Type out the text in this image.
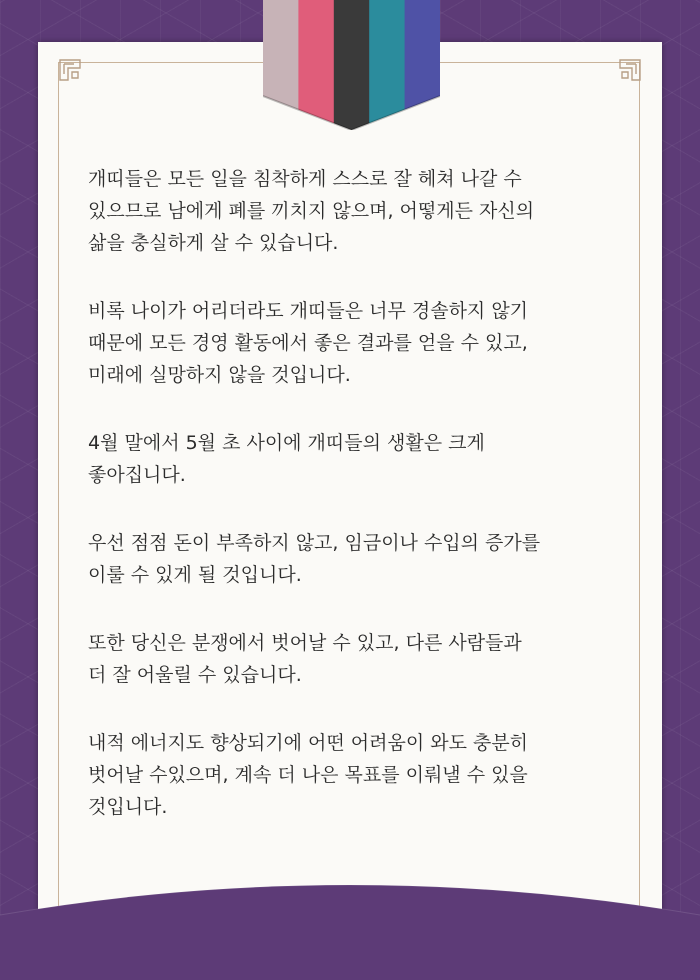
개띠들은 모든 일을 침착하게 스스로 잘 헤쳐 나갈 수
있으므로 남에게 폐를 끼치지 않으며, 어떻게든 자신의
삶을 충실하게 살 수 있습니다.

비록 나이가 어리더라도 개띠들은 너무 경솔하지 않기
때문에 모든 경영 활동에서 좋은 결과를 얻을 수 있고,
미래에 실망하지 않을 것입니다.

4월 말에서 5월 초 사이에 개띠들의 생활은 크게
좋아집니다.

우선 점점 돈이 부족하지 않고, 임금이나 수입의 증가를
이룰 수 있게 될 것입니다.

또한 당신은 분쟁에서 벗어날 수 있고, 다른 사람들과
더 잘 어울릴 수 있습니다.

내적 에너지도 향상되기에 어떤 어려움이 와도 충분히
벗어날 수있으며, 계속 더 나은 목표를 이뤄낼 수 있을
것입니다.
